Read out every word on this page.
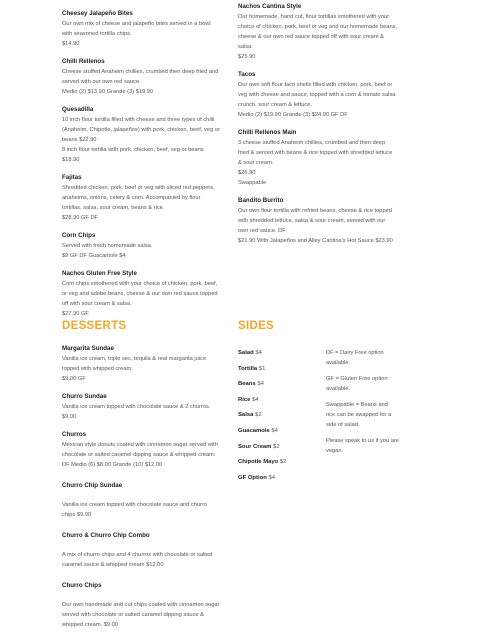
Cheesey Jalapeño Bites
Our own mix of cheese and jalapeño bites served in a bowl
with seasoned tortilla chips.
$14.90
Chilli Rellenos
Cheese stuffed Anaheim chillies, crumbed then deep fried and
served with our own red sauce.
Medio (2) $13.90 Grande (3) $19.90
Quesadilla
10 inch flour tortilla filled with cheese and three types of chilli
(Anaheim, Chipotle, jalapeños) with pork, chicken, beef, veg or
beans $22.90
8 inch flour tortilla with pork, chicken, beef, veg or beans
$18.90
Fajitas
Shredded chicken, pork, beef or veg with sliced red peppers,
anaheims, onions, celery & corn. Accompanied by flour
tortillas, salsa, sour cream, beans & rice.
$28.90 GF DF
Corn Chips
Served with fresh homemade salsa.
$9 GF DF Guacamole $4
Nachos Gluten Free Style
Corn chips smothered with your choice of chicken, pork, beef,
or veg and adobe beans, cheese & our own red sauce topped
off with sour cream & salsa.
$27.90 GF
Nachos Cantina Style
Our homemade, hand cut, flour tortillas smothered with your
choice of chicken, pork, beef or veg and our homemade beans,
cheese & our own red sauce topped off with sour cream &
salsa.
$25.90
Tacos
Our own soft flour taco shells filled with chicken, pork, beef or
veg with cheese and sauce, topped with a corn & tomato salsa
crunch, sour cream & lettuce.
Medio (2) $19.90 Grande (3) $24.90 GF DF
Chilli Rellenos Main
3 cheese stuffed Anaheim chillies, crumbed and then deep
fried & served with beans & rice topped with shredded lettuce
& sour cream.
$26.90
Swappable
Bandito Burrito
Our own flour tortilla with refried beans, cheese & rice topped
with shredded lettuce, salsa & sour cream, served with our
own red sauce. DF
$21.90 With Jalapeños and Alley Cantina's Hot Sauce $23.90
DESSERTS	SIDES
Margarita Sundae
Vanilla ice cream, triple sec, tequila & real margarita juice
topped with whipped cream.
$9.00 GF
Churro Sundae
Vanilla ice cream topped with chocolate sauce & 2 churros.
$9.00
Churros
Mexican style donuts coated with cinnamon sugar served with
chocolate or salted caramel dipping sauce & whipped cream.
DF Medio (6) $8.00 Grande (10) $12.00
Churro Chip Sundae
Vanilla ice cream topped with chocolate sauce and churro
chips $9.00
Churro & Churro Chip Combo
A mix of churro chips and 4 churros with chocolate or salted
caramel sauce & whipped cream $12.00
Churro Chips
Our own handmade and cut chips coated with cinnamon sugar
served with chocolate or salted caramel dipping sauce &
whipped cream. $9.00
Salad $4
Tortilla $1
Beans $4
Rice $4
Salsa $2
Guacamole $4
Sour Cream $2
Chipotle Mayo $2
GF Option $4
DF = Dairy Free option
available.
GF = Gluten Free option
available.
Swappable = Beans and
rice can be swapped for a
side of salad.
Please speak to us if you are
vegan.
